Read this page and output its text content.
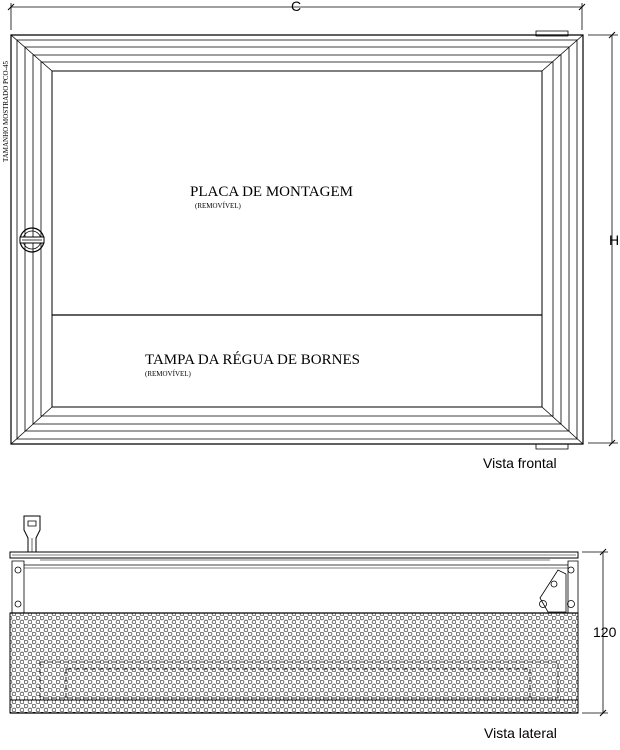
C
H
TAMANHO MOSTRADO PCO-45
PLACA DE MONTAGEM
(REMOVÍVEL)
TAMPA DA RÉGUA DE BORNES
(REMOVÍVEL)
Vista frontal
120
Vista lateral
